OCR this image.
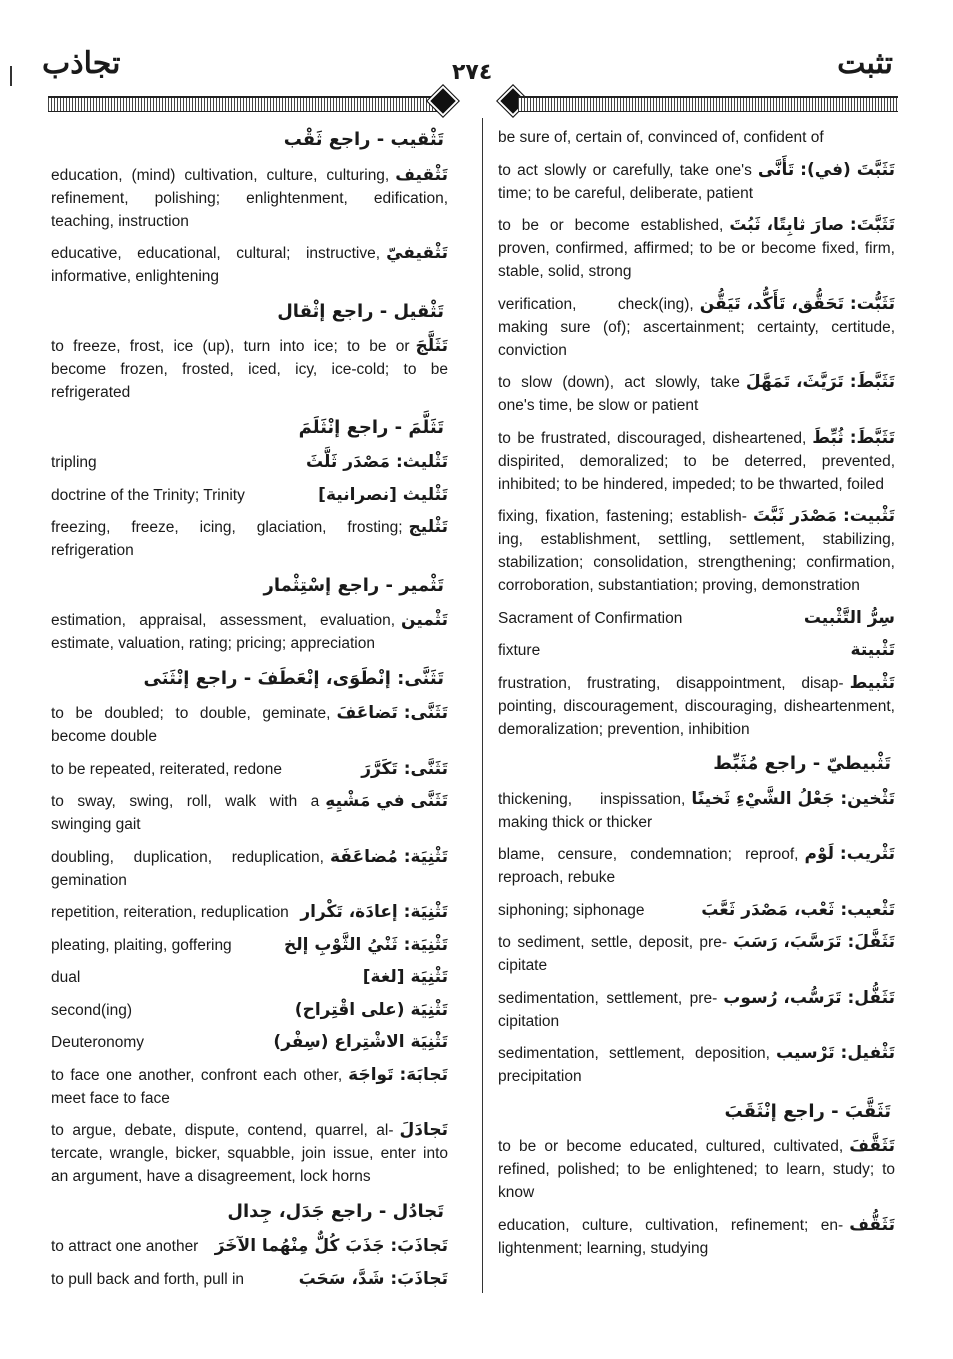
تجاذب	٢٧٤	تثبت
تَثْقيب - راجع ثَقْب
تَثْقيف
education, (mind) cultivation, culture, culturing, refinement, polishing; enlightenment, edification, teaching, instruction
تَثْقيفيّ
educative, educational, cultural; instructive, informative, enlightening
تَثْقيل - راجع إثْقال
تَثَلَّجَ
to freeze, frost, ice (up), turn into ice; to be or become frozen, frosted, iced, icy, ice-cold; to be refrigerated
تَثَلَّمَ - راجع إنْثَلَمَ
تَثْليث: مَصْدَر ثَلَّثَ
tripling
تَثْليث [نصرانية]
doctrine of the Trinity; Trinity
تَثْليج
freezing, freeze, icing, glaciation, frosting; refrigeration
تَثْمير - راجع إسْتِثْمار
تَثْمين
estimation, appraisal, assessment, evaluation, estimate, valuation, rating; pricing; appreciation
تَثَنَّى: إنْطَوَى، إنْعَطَفَ - راجع إنْثَنَى
تَثَنَّى: تَضاعَفَ
to be doubled; to double, geminate, become double
تَثَنَّى: تَكَرَّرَ
to be repeated, reiterated, redone
تَثَنَّى في مَشْيِهِ
to sway, swing, roll, walk with a swinging gait
تَثْنِيَة: مُضاعَفَة
doubling, duplication, reduplication, gemination
تَثْنِيَة: إعادَة، تَكْرار
repetition, reiteration, reduplication
تَثْنِيَة: ثَنْيُ الثَّوْبِ إلخ
pleating, plaiting, goffering
تَثْنِيَة [لغة]
dual
تَثْنِيَة (على اقْتِراح)
second(ing)
تَثْنِيَة الاشْتِراع (سِفْر)
Deuteronomy
تَجابَهَ: تَواجَهَ
to face one another, confront each other, meet face to face
تَجادَلَ
to argue, debate, dispute, contend, quarrel, altercate, wrangle, bicker, squabble, join issue, enter into an argument, have a disagreement, lock horns
تَجادُل - راجع جَدَل، جِدال
تَجاذَبَ: جَذَبَ كُلٌّ مِنْهُما الآخَرَ
to attract one another
تَجاذَبَ: شَدَّ، سَحَبَ
to pull back and forth, pull in
be sure of, certain of, convinced of, confident of
تَثَبَّتَ (في): تَأَنَّى
to act slowly or carefully, take one's time; to be careful, deliberate, patient
تَثَبَّتَ: صارَ ثابِتًا، ثَبُتَ
to be or become established, proven, confirmed, affirmed; to be or become fixed, firm, stable, solid, strong
تَثَبُّت: تَحَقُّق، تَأَكُّد، تَيَقُّن
verification, check(ing), making sure (of); ascertainment; certainty, certitude, conviction
تَثَبَّطَ: تَرَيَّثَ، تَمَهَّلَ
to slow (down), act slowly, take one's time, be slow or patient
تَثَبَّطَ: ثُبِّطَ
to be frustrated, discouraged, disheartened, dispirited, demoralized; to be deterred, prevented, inhibited; to be hindered, impeded; to be thwarted, foiled
تَثْبيت: مَصْدَر ثَبَّتَ
fixing, fixation, fastening; establishing, establishment, settling, settlement, stabilizing, stabilization; consolidation, strengthening; confirmation, corroboration, substantiation; proving, demonstration
سِرُّ التَّثْبيت
Sacrament of Confirmation
تَثْبيتة
fixture
تَثْبيط
frustration, frustrating, disappointment, disappointing, discouragement, discouraging, disheartenment, demoralization; prevention, inhibition
تَثْبيطيّ - راجع مُثَبِّط
تَثْخين: جَعْلُ الشَّيْءِ ثَخينًا
thickening, inspissation, making thick or thicker
تَثْريب: لَوْم
blame, censure, condemnation; reproof, reproach, rebuke
تَثْعيب: ثَعْب، مَصْدَر ثَعَّبَ
siphoning; siphonage
تَثَفَّلَ: تَرَسَّبَ، رَسَبَ
to sediment, settle, deposit, precipitate
تَثَفُّل: تَرَسُّب، رُسوب
sedimentation, settlement, precipitation
تَثْفيل: تَرْسيب
sedimentation, settlement, deposition, precipitation
تَثَقَّبَ - راجع إنْثَقَبَ
تَثَقَّفَ
to be or become educated, cultured, cultivated, refined, polished; to be enlightened; to learn, study; to know
تَثَقُّف
education, culture, cultivation, refinement; enlightenment; learning, studying
